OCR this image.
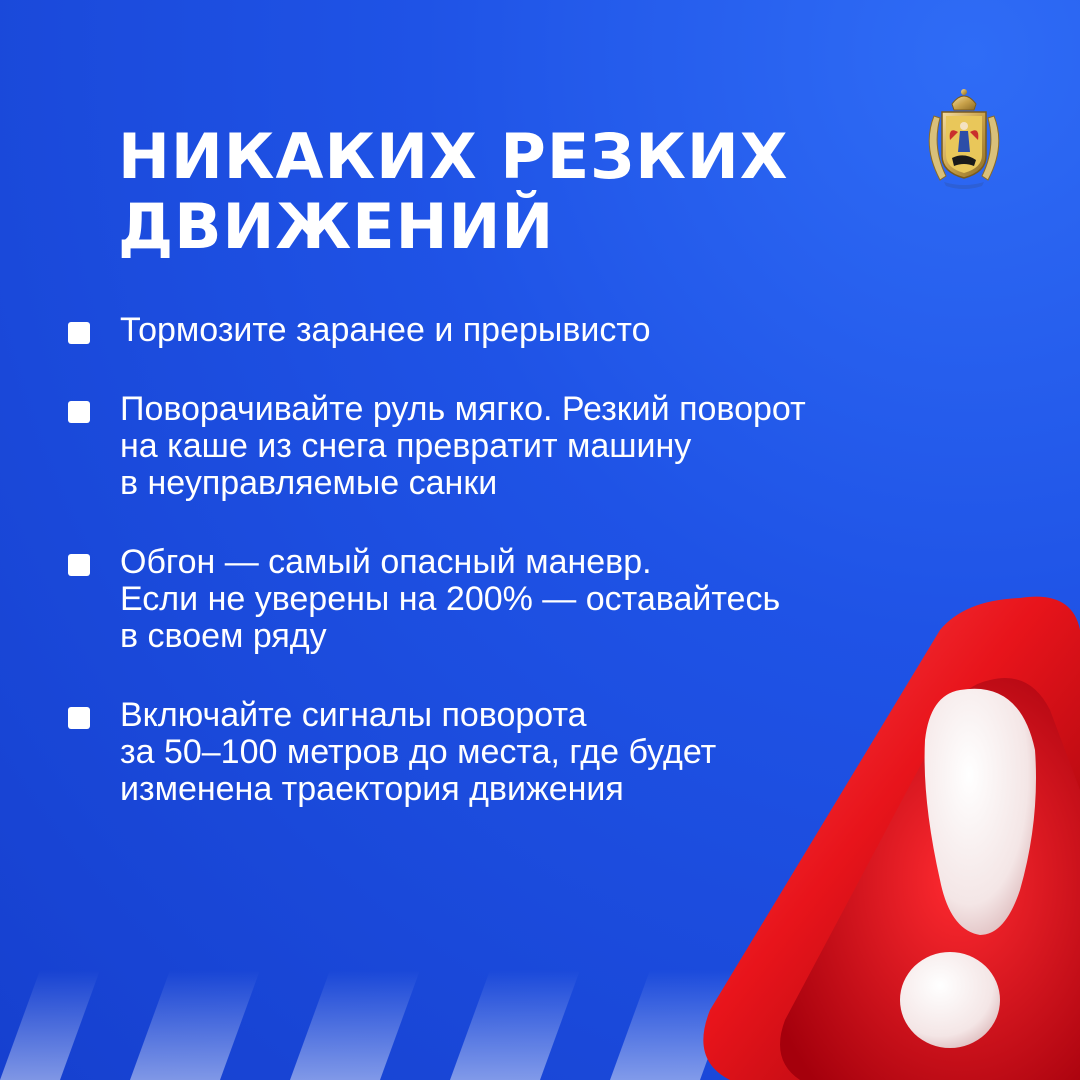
НИКАКИХ РЕЗКИХ
ДВИЖЕНИЙ
Тормозите заранее и прерывисто
Поворачивайте руль мягко. Резкий поворот
на каше из снега превратит машину
в неуправляемые санки
Обгон — самый опасный маневр.
Если не уверены на 200% — оставайтесь
в своем ряду
Включайте сигналы поворота
за 50–100 метров до места, где будет
изменена траектория движения
